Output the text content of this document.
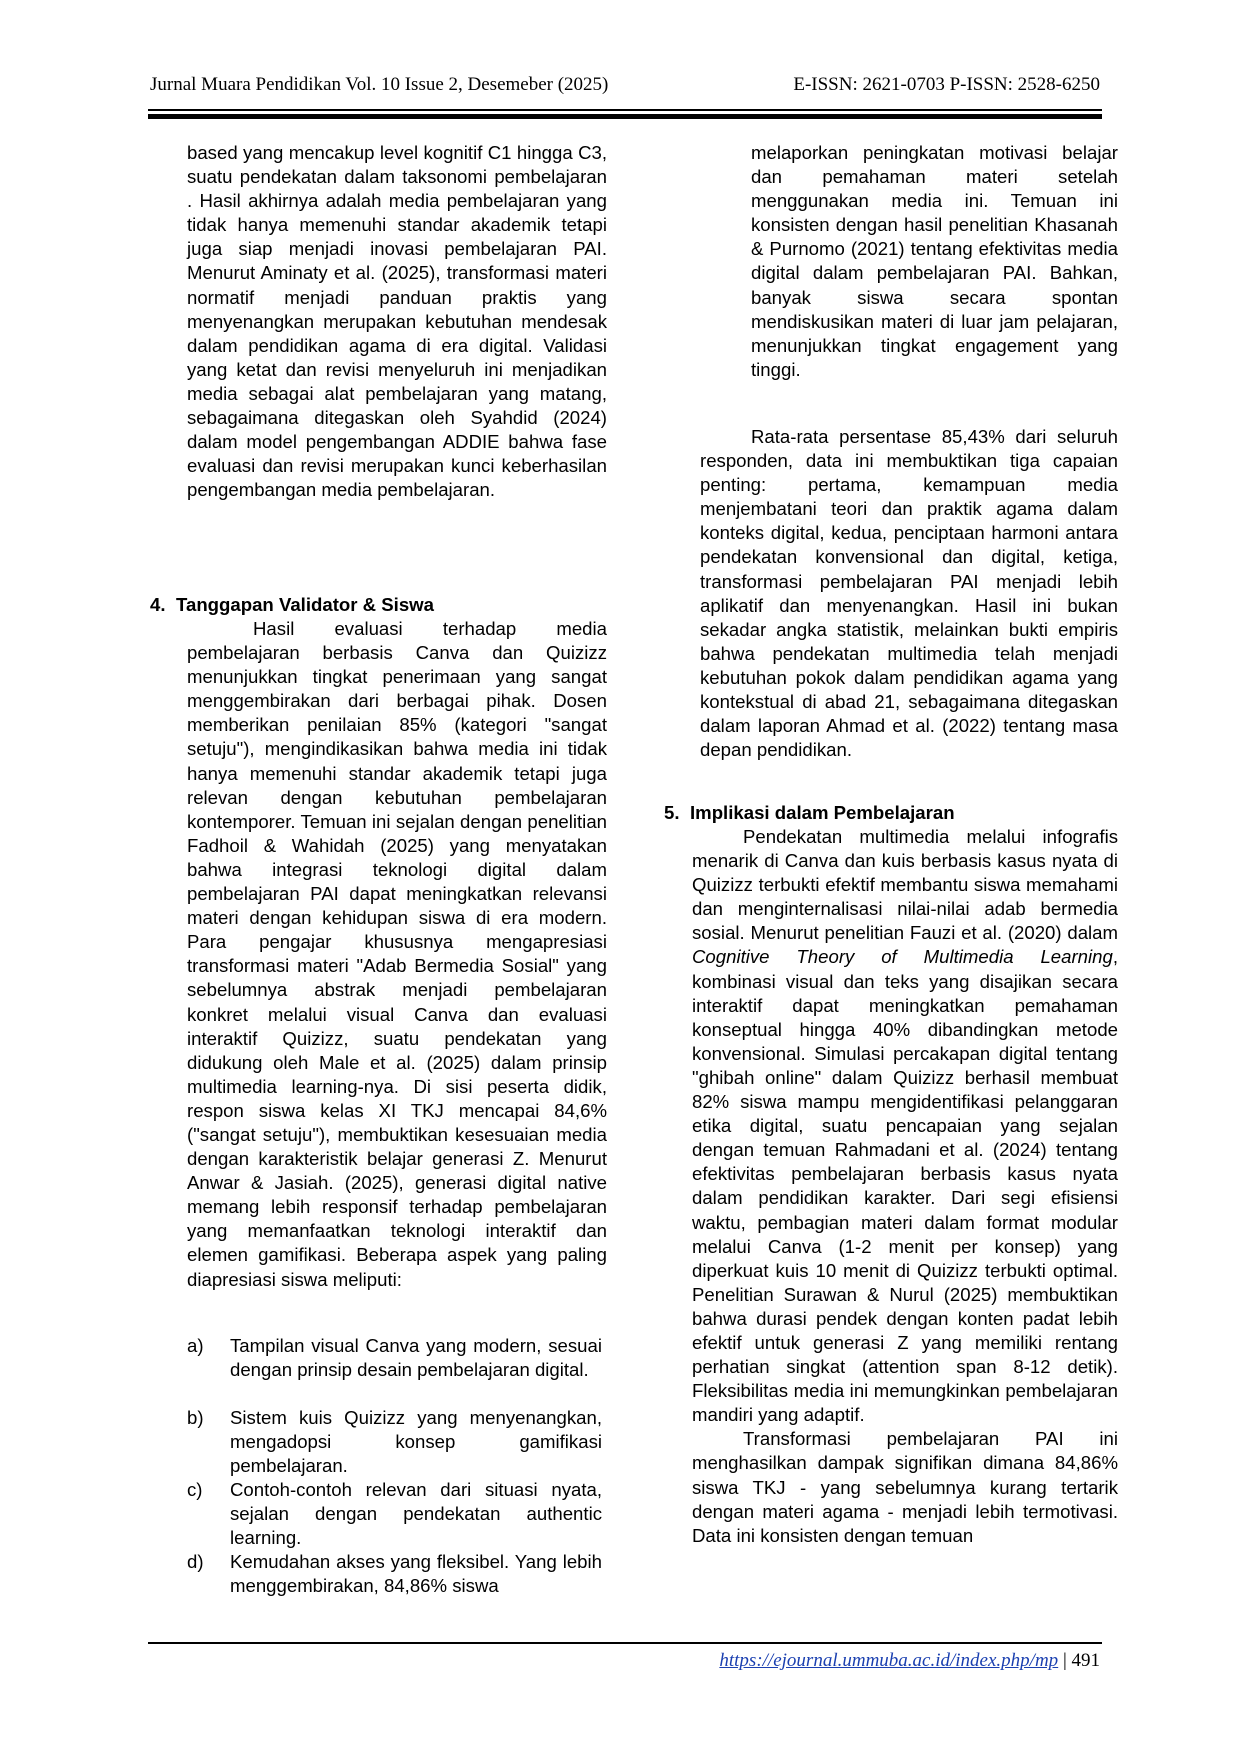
Jurnal Muara Pendidikan Vol. 10 Issue 2, Desemeber (2025)	E-ISSN: 2621-0703 P-ISSN: 2528-6250

based yang mencakup level kognitif C1 hingga C3, suatu pendekatan dalam taksonomi pembelajaran . Hasil akhirnya adalah media pembelajaran yang tidak hanya memenuhi standar akademik tetapi juga siap menjadi inovasi pembelajaran PAI. Menurut Aminaty et al. (2025), transformasi materi normatif menjadi panduan praktis yang menyenangkan merupakan kebutuhan mendesak dalam pendidikan agama di era digital. Validasi yang ketat dan revisi menyeluruh ini menjadikan media sebagai alat pembelajaran yang matang, sebagaimana ditegaskan oleh Syahdid (2024) dalam model pengembangan ADDIE bahwa fase evaluasi dan revisi merupakan kunci keberhasilan pengembangan media pembelajaran.

4. Tanggapan Validator & Siswa

Hasil evaluasi terhadap media pembelajaran berbasis Canva dan Quizizz menunjukkan tingkat penerimaan yang sangat menggembirakan dari berbagai pihak. Dosen memberikan penilaian 85% (kategori "sangat setuju"), mengindikasikan bahwa media ini tidak hanya memenuhi standar akademik tetapi juga relevan dengan kebutuhan pembelajaran kontemporer. Temuan ini sejalan dengan penelitian Fadhoil & Wahidah (2025) yang menyatakan bahwa integrasi teknologi digital dalam pembelajaran PAI dapat meningkatkan relevansi materi dengan kehidupan siswa di era modern. Para pengajar khususnya mengapresiasi transformasi materi "Adab Bermedia Sosial" yang sebelumnya abstrak menjadi pembelajaran konkret melalui visual Canva dan evaluasi interaktif Quizizz, suatu pendekatan yang didukung oleh Male et al. (2025) dalam prinsip multimedia learning-nya. Di sisi peserta didik, respon siswa kelas XI TKJ mencapai 84,6% ("sangat setuju"), membuktikan kesesuaian media dengan karakteristik belajar generasi Z. Menurut Anwar & Jasiah. (2025), generasi digital native memang lebih responsif terhadap pembelajaran yang memanfaatkan teknologi interaktif dan elemen gamifikasi. Beberapa aspek yang paling diapresiasi siswa meliputi:

a)	Tampilan visual Canva yang modern, sesuai dengan prinsip desain pembelajaran digital.
b)	Sistem kuis Quizizz yang menyenangkan, mengadopsi konsep gamifikasi pembelajaran.
c)	Contoh-contoh relevan dari situasi nyata, sejalan dengan pendekatan authentic learning.
d)	Kemudahan akses yang fleksibel. Yang lebih menggembirakan, 84,86% siswa

melaporkan peningkatan motivasi belajar dan pemahaman materi setelah menggunakan media ini. Temuan ini konsisten dengan hasil penelitian Khasanah & Purnomo (2021) tentang efektivitas media digital dalam pembelajaran PAI. Bahkan, banyak siswa secara spontan mendiskusikan materi di luar jam pelajaran, menunjukkan tingkat engagement yang tinggi.

Rata-rata persentase 85,43% dari seluruh responden, data ini membuktikan tiga capaian penting: pertama, kemampuan media menjembatani teori dan praktik agama dalam konteks digital, kedua, penciptaan harmoni antara pendekatan konvensional dan digital, ketiga, transformasi pembelajaran PAI menjadi lebih aplikatif dan menyenangkan. Hasil ini bukan sekadar angka statistik, melainkan bukti empiris bahwa pendekatan multimedia telah menjadi kebutuhan pokok dalam pendidikan agama yang kontekstual di abad 21, sebagaimana ditegaskan dalam laporan Ahmad et al. (2022) tentang masa depan pendidikan.

5. Implikasi dalam Pembelajaran

Pendekatan multimedia melalui infografis menarik di Canva dan kuis berbasis kasus nyata di Quizizz terbukti efektif membantu siswa memahami dan menginternalisasi nilai-nilai adab bermedia sosial. Menurut penelitian Fauzi et al. (2020) dalam Cognitive Theory of Multimedia Learning, kombinasi visual dan teks yang disajikan secara interaktif dapat meningkatkan pemahaman konseptual hingga 40% dibandingkan metode konvensional. Simulasi percakapan digital tentang "ghibah online" dalam Quizizz berhasil membuat 82% siswa mampu mengidentifikasi pelanggaran etika digital, suatu pencapaian yang sejalan dengan temuan Rahmadani et al. (2024) tentang efektivitas pembelajaran berbasis kasus nyata dalam pendidikan karakter. Dari segi efisiensi waktu, pembagian materi dalam format modular melalui Canva (1-2 menit per konsep) yang diperkuat kuis 10 menit di Quizizz terbukti optimal. Penelitian Surawan & Nurul (2025) membuktikan bahwa durasi pendek dengan konten padat lebih efektif untuk generasi Z yang memiliki rentang perhatian singkat (attention span 8-12 detik). Fleksibilitas media ini memungkinkan pembelajaran mandiri yang adaptif.

Transformasi pembelajaran PAI ini menghasilkan dampak signifikan dimana 84,86% siswa TKJ - yang sebelumnya kurang tertarik dengan materi agama - menjadi lebih termotivasi. Data ini konsisten dengan temuan

https://ejournal.ummuba.ac.id/index.php/mp | 491
